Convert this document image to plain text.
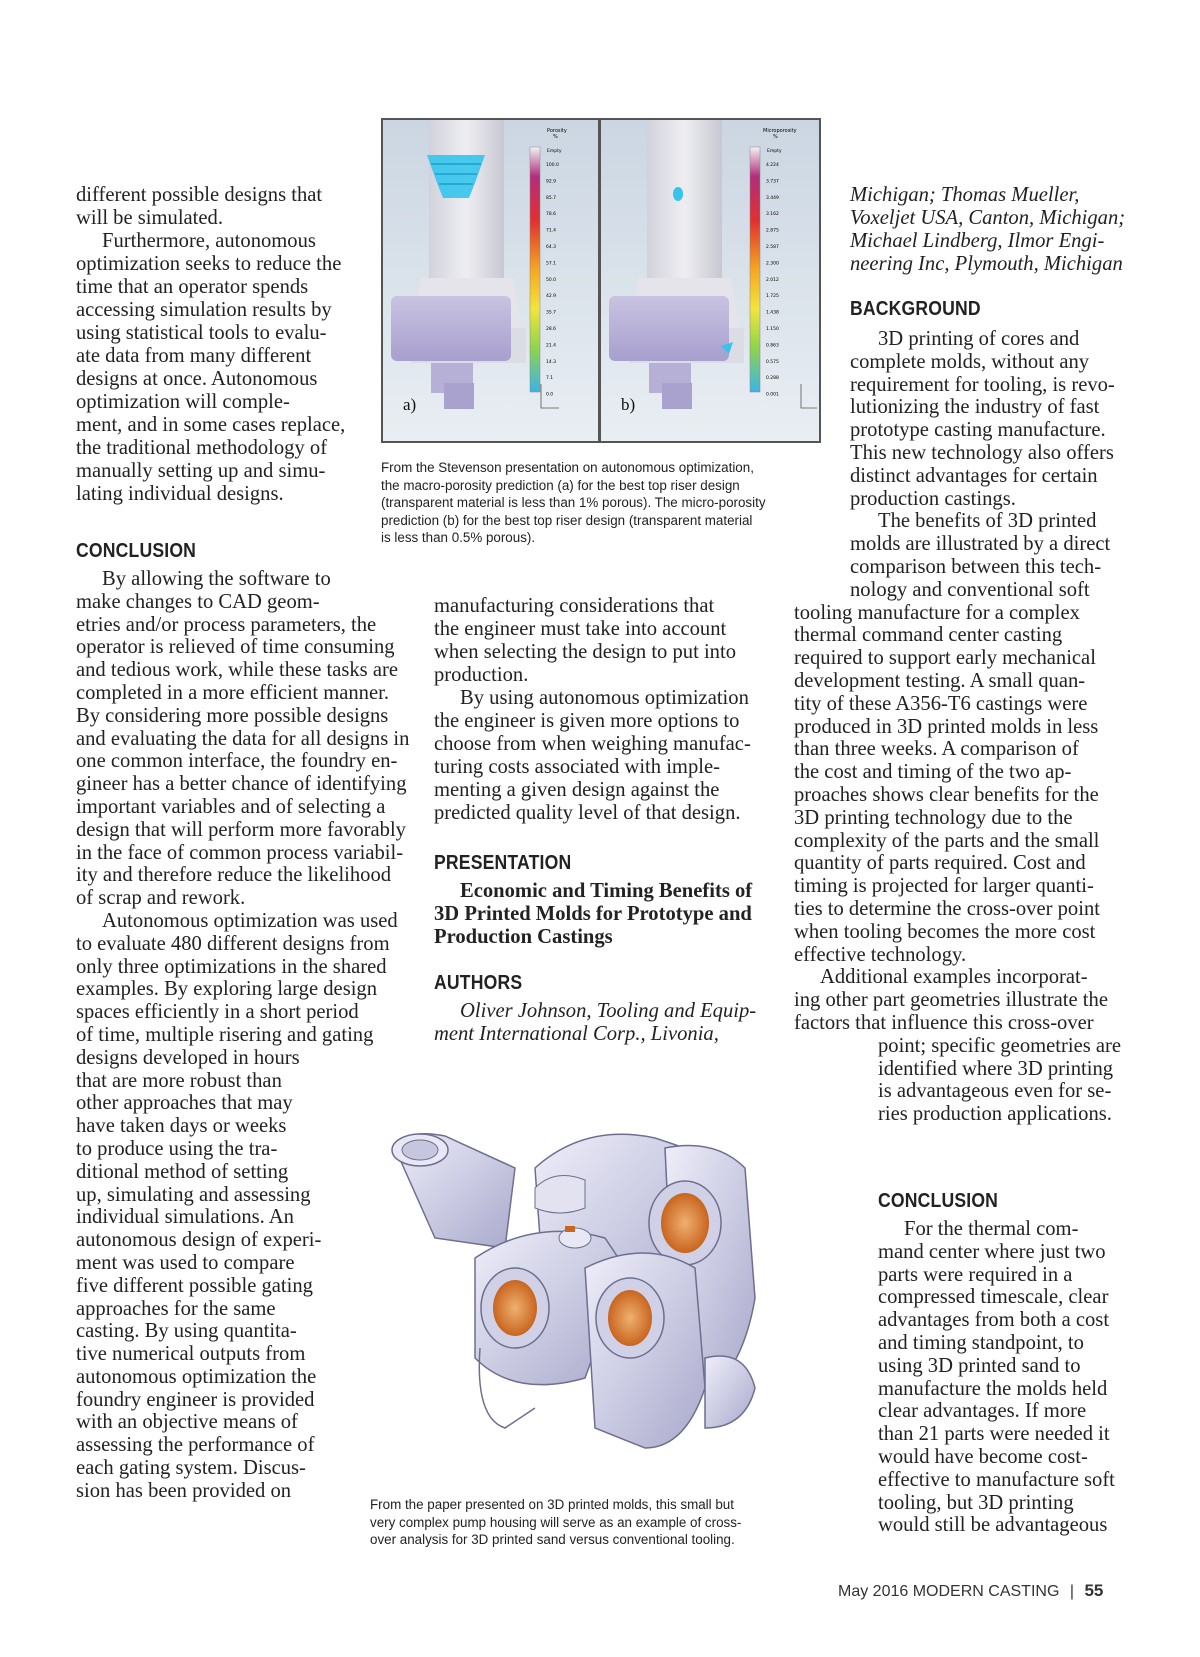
different possible designs that
will be simulated.
Furthermore, autonomous
optimization seeks to reduce the
time that an operator spends
accessing simulation results by
using statistical tools to evalu-
ate data from many different
designs at once. Autonomous
optimization will comple-
ment, and in some cases replace,
the traditional methodology of
manually setting up and simu-
lating individual designs.
CONCLUSION
By allowing the software to
make changes to CAD geom-
etries and/or process parameters, the
operator is relieved of time consuming
and tedious work, while these tasks are
completed in a more efficient manner.
By considering more possible designs
and evaluating the data for all designs in
one common interface, the foundry en-
gineer has a better chance of identifying
important variables and of selecting a
design that will perform more favorably
in the face of common process variabil-
ity and therefore reduce the likelihood
of scrap and rework.
Autonomous optimization was used
to evaluate 480 different designs from
only three optimizations in the shared
examples. By exploring large design
spaces efficiently in a short period
of time, multiple risering and gating
designs developed in hours
that are more robust than
other approaches that may
have taken days or weeks
to produce using the tra-
ditional method of setting
up, simulating and assessing
individual simulations. An
autonomous design of experi-
ment was used to compare
five different possible gating
approaches for the same
casting. By using quantita-
tive numerical outputs from
autonomous optimization the
foundry engineer is provided
with an objective means of
assessing the performance of
each gating system. Discus-
sion has been provided on
Porosity
%
Empty
100.0
92.9
85.7
78.6
71.4
64.3
57.1
50.0
42.9
35.7
28.6
21.4
14.3
7.1
0.0
a)
Microporosity
%
Empty
4.224
3.737
3.449
3.162
2.875
2.587
2.300
2.012
1.725
1.438
1.150
0.863
0.575
0.288
0.001
b)
From the Stevenson presentation on autonomous optimization,
the macro-porosity prediction (a) for the best top riser design
(transparent material is less than 1% porous). The micro-porosity
prediction (b) for the best top riser design (transparent material
is less than 0.5% porous).
manufacturing considerations that
the engineer must take into account
when selecting the design to put into
production.
By using autonomous optimization
the engineer is given more options to
choose from when weighing manufac-
turing costs associated with imple-
menting a given design against the
predicted quality level of that design.
PRESENTATION
Economic and Timing Benefits of
3D Printed Molds for Prototype and
Production Castings
AUTHORS
Oliver Johnson, Tooling and Equip-
ment International Corp., Livonia,
From the paper presented on 3D printed molds, this small but
very complex pump housing will serve as an example of cross-
over analysis for 3D printed sand versus conventional tooling.
Michigan; Thomas Mueller,
Voxeljet USA, Canton, Michigan;
Michael Lindberg, Ilmor Engi-
neering Inc, Plymouth, Michigan
BACKGROUND
3D printing of cores and
complete molds, without any
requirement for tooling, is revo-
lutionizing the industry of fast
prototype casting manufacture.
This new technology also offers
distinct advantages for certain
production castings.
The benefits of 3D printed
molds are illustrated by a direct
comparison between this tech-
nology and conventional soft
tooling manufacture for a complex
thermal command center casting
required to support early mechanical
development testing. A small quan-
tity of these A356-T6 castings were
produced in 3D printed molds in less
than three weeks. A comparison of
the cost and timing of the two ap-
proaches shows clear benefits for the
3D printing technology due to the
complexity of the parts and the small
quantity of parts required. Cost and
timing is projected for larger quanti-
ties to determine the cross-over point
when tooling becomes the more cost
effective technology.
Additional examples incorporat-
ing other part geometries illustrate the
factors that influence this cross-over
point; specific geometries are
identified where 3D printing
is advantageous even for se-
ries production applications.
CONCLUSION
For the thermal com-
mand center where just two
parts were required in a
compressed timescale, clear
advantages from both a cost
and timing standpoint, to
using 3D printed sand to
manufacture the molds held
clear advantages. If more
than 21 parts were needed it
would have become cost-
effective to manufacture soft
tooling, but 3D printing
would still be advantageous
May 2016 MODERN CASTING | 55
